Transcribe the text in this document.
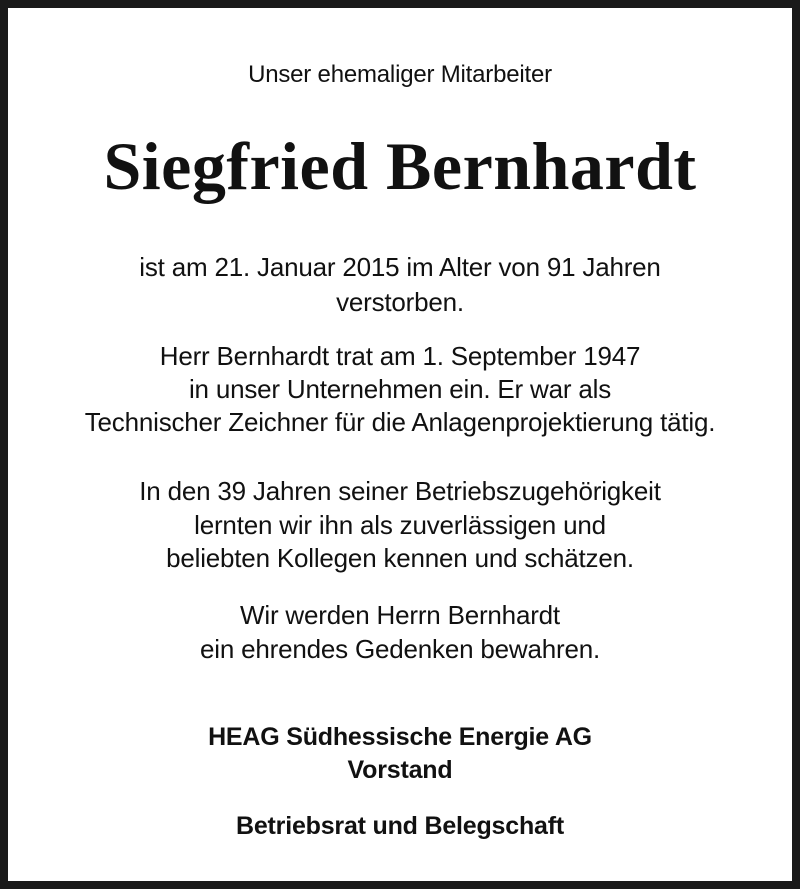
Unser ehemaliger Mitarbeiter

Siegfried Bernhardt

ist am 21. Januar 2015 im Alter von 91 Jahren

verstorben.

Herr Bernhardt trat am 1. September 1947

in unser Unternehmen ein. Er war als

Technischer Zeichner für die Anlagenprojektierung tätig.

In den 39 Jahren seiner Betriebszugehörigkeit

lernten wir ihn als zuverlässigen und

beliebten Kollegen kennen und schätzen.

Wir werden Herrn Bernhardt

ein ehrendes Gedenken bewahren.

HEAG Südhessische Energie AG

Vorstand

Betriebsrat und Belegschaft
